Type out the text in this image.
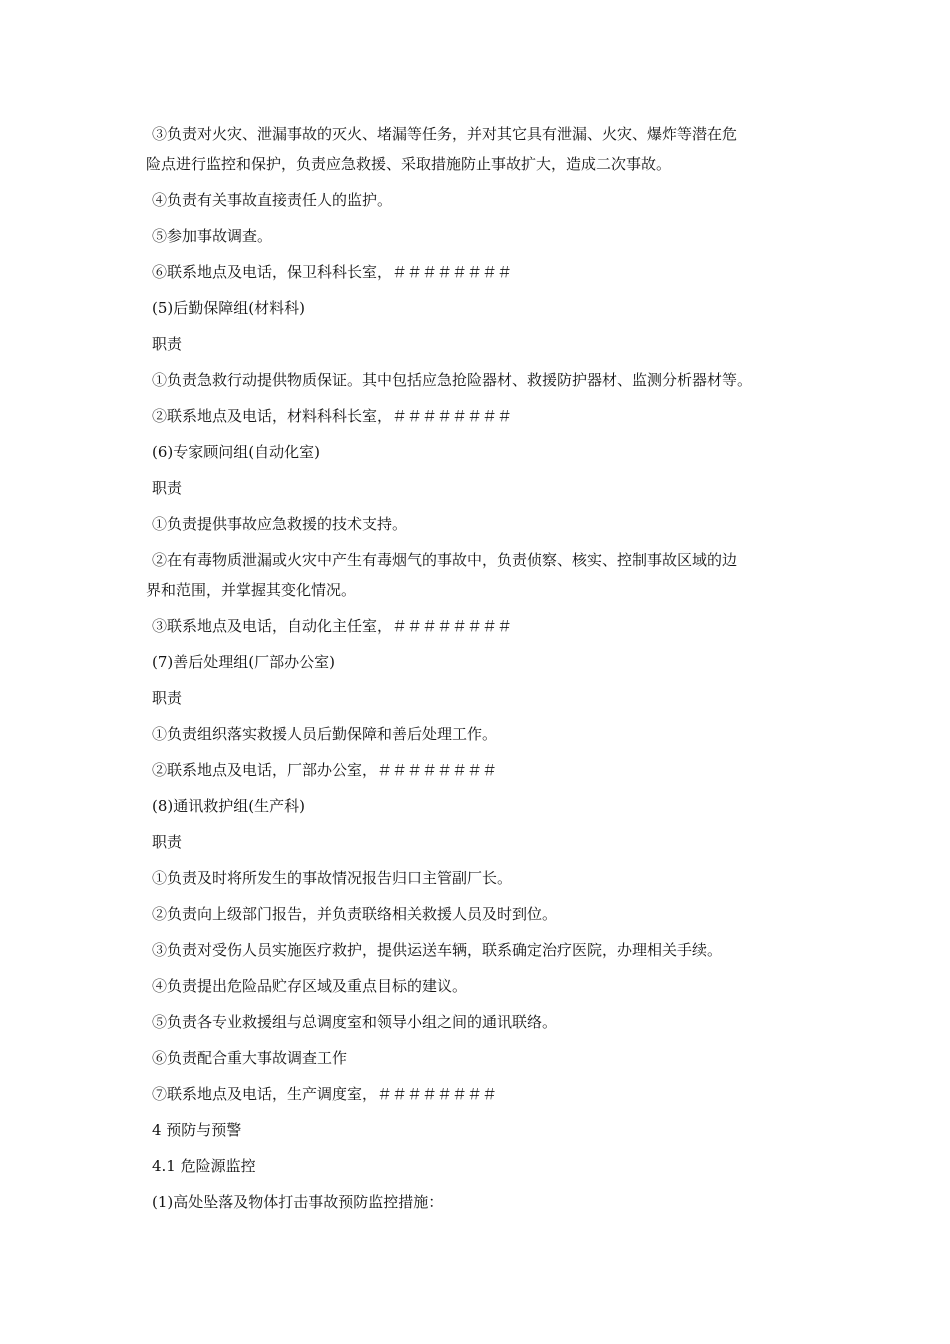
③负责对火灾、泄漏事故的灭火、堵漏等任务，并对其它具有泄漏、火灾、爆炸等潜在危
险点进行监控和保护，负责应急救援、采取措施防止事故扩大，造成二次事故。
④负责有关事故直接责任人的监护。
⑤参加事故调查。
⑥联系地点及电话，保卫科科长室，＃＃＃＃＃＃＃＃
(5)后勤保障组(材料科)
职责
①负责急救行动提供物质保证。其中包括应急抢险器材、救援防护器材、监测分析器材等。
②联系地点及电话，材料科科长室，＃＃＃＃＃＃＃＃
(6)专家顾问组(自动化室)
职责
①负责提供事故应急救援的技术支持。
②在有毒物质泄漏或火灾中产生有毒烟气的事故中，负责侦察、核实、控制事故区域的边
界和范围，并掌握其变化情况。
③联系地点及电话，自动化主任室，＃＃＃＃＃＃＃＃
(7)善后处理组(厂部办公室)
职责
①负责组织落实救援人员后勤保障和善后处理工作。
②联系地点及电话，厂部办公室，＃＃＃＃＃＃＃＃
(8)通讯救护组(生产科)
职责
①负责及时将所发生的事故情况报告归口主管副厂长。
②负责向上级部门报告，并负责联络相关救援人员及时到位。
③负责对受伤人员实施医疗救护，提供运送车辆，联系确定治疗医院，办理相关手续。
④负责提出危险品贮存区域及重点目标的建议。
⑤负责各专业救援组与总调度室和领导小组之间的通讯联络。
⑥负责配合重大事故调查工作
⑦联系地点及电话，生产调度室，＃＃＃＃＃＃＃＃
4 预防与预警
4.1 危险源监控
(1)高处坠落及物体打击事故预防监控措施：
